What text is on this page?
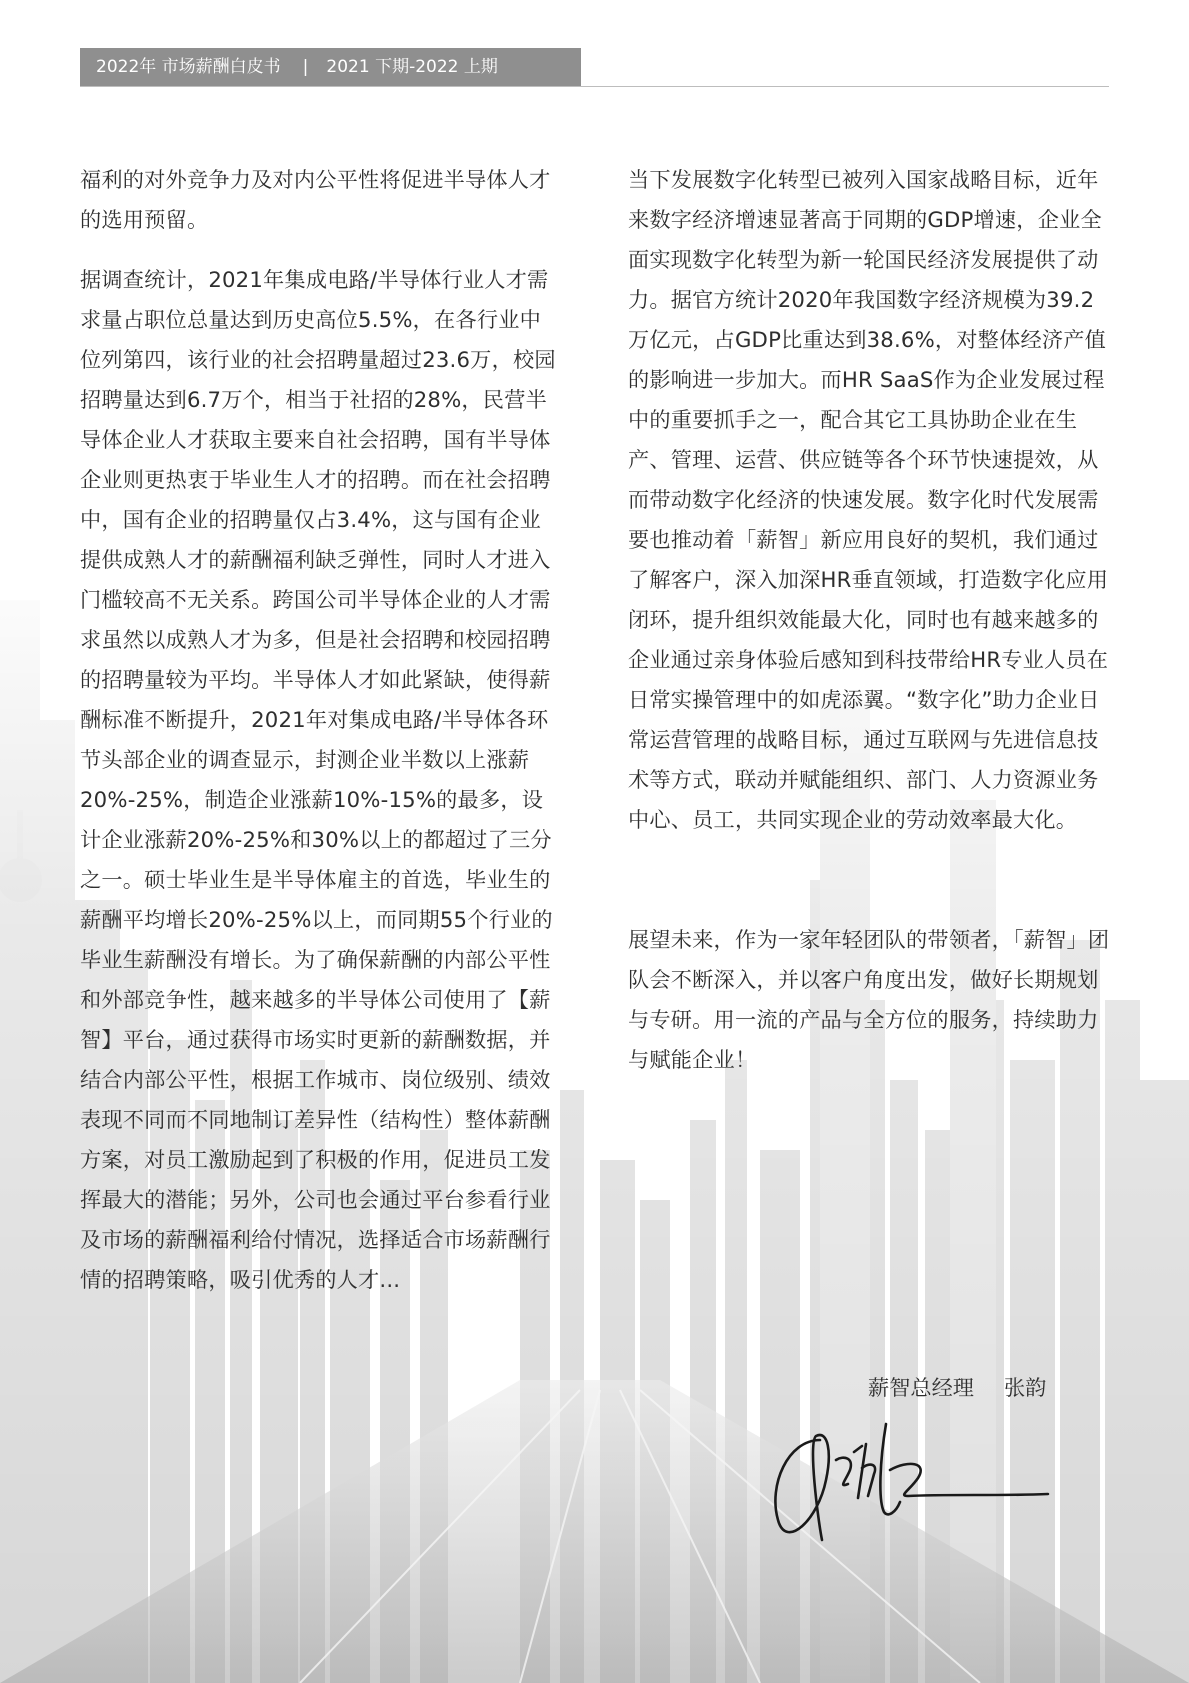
2022年 市场薪酬白皮书 | 2021 下期-2022 上期

福利的对外竞争力及对内公平性将促进半导体人才的选用预留。

据调查统计，2021年集成电路/半导体行业人才需求量占职位总量达到历史高位5.5%，在各行业中位列第四，该行业的社会招聘量超过23.6万，校园招聘量达到6.7万个，相当于社招的28%，民营半导体企业人才获取主要来自社会招聘，国有半导体企业则更热衷于毕业生人才的招聘。而在社会招聘中，国有企业的招聘量仅占3.4%，这与国有企业提供成熟人才的薪酬福利缺乏弹性，同时人才进入门槛较高不无关系。跨国公司半导体企业的人才需求虽然以成熟人才为多，但是社会招聘和校园招聘的招聘量较为平均。半导体人才如此紧缺，使得薪酬标准不断提升，2021年对集成电路/半导体各环节头部企业的调查显示，封测企业半数以上涨薪20%-25%，制造企业涨薪10%-15%的最多，设计企业涨薪20%-25%和30%以上的都超过了三分之一。硕士毕业生是半导体雇主的首选，毕业生的薪酬平均增长20%-25%以上，而同期55个行业的毕业生薪酬没有增长。为了确保薪酬的内部公平性和外部竞争性，越来越多的半导体公司使用了【薪智】平台，通过获得市场实时更新的薪酬数据，并结合内部公平性，根据工作城市、岗位级别、绩效表现不同而不同地制订差异性（结构性）整体薪酬方案，对员工激励起到了积极的作用，促进员工发挥最大的潜能；另外，公司也会通过平台参看行业及市场的薪酬福利给付情况，选择适合市场薪酬行情的招聘策略，吸引优秀的人才...

当下发展数字化转型已被列入国家战略目标，近年来数字经济增速显著高于同期的GDP增速，企业全面实现数字化转型为新一轮国民经济发展提供了动力。据官方统计2020年我国数字经济规模为39.2万亿元，占GDP比重达到38.6%，对整体经济产值的影响进一步加大。而HR SaaS作为企业发展过程中的重要抓手之一，配合其它工具协助企业在生产、管理、运营、供应链等各个环节快速提效，从而带动数字化经济的快速发展。数字化时代发展需要也推动着「薪智」新应用良好的契机，我们通过了解客户，深入加深HR垂直领域，打造数字化应用闭环，提升组织效能最大化，同时也有越来越多的企业通过亲身体验后感知到科技带给HR专业人员在日常实操管理中的如虎添翼。“数字化”助力企业日常运营管理的战略目标，通过互联网与先进信息技术等方式，联动并赋能组织、部门、人力资源业务中心、员工，共同实现企业的劳动效率最大化。

展望未来，作为一家年轻团队的带领者，「薪智」团队会不断深入，并以客户角度出发，做好长期规划与专研。用一流的产品与全方位的服务，持续助力与赋能企业！

薪智总经理 张韵
